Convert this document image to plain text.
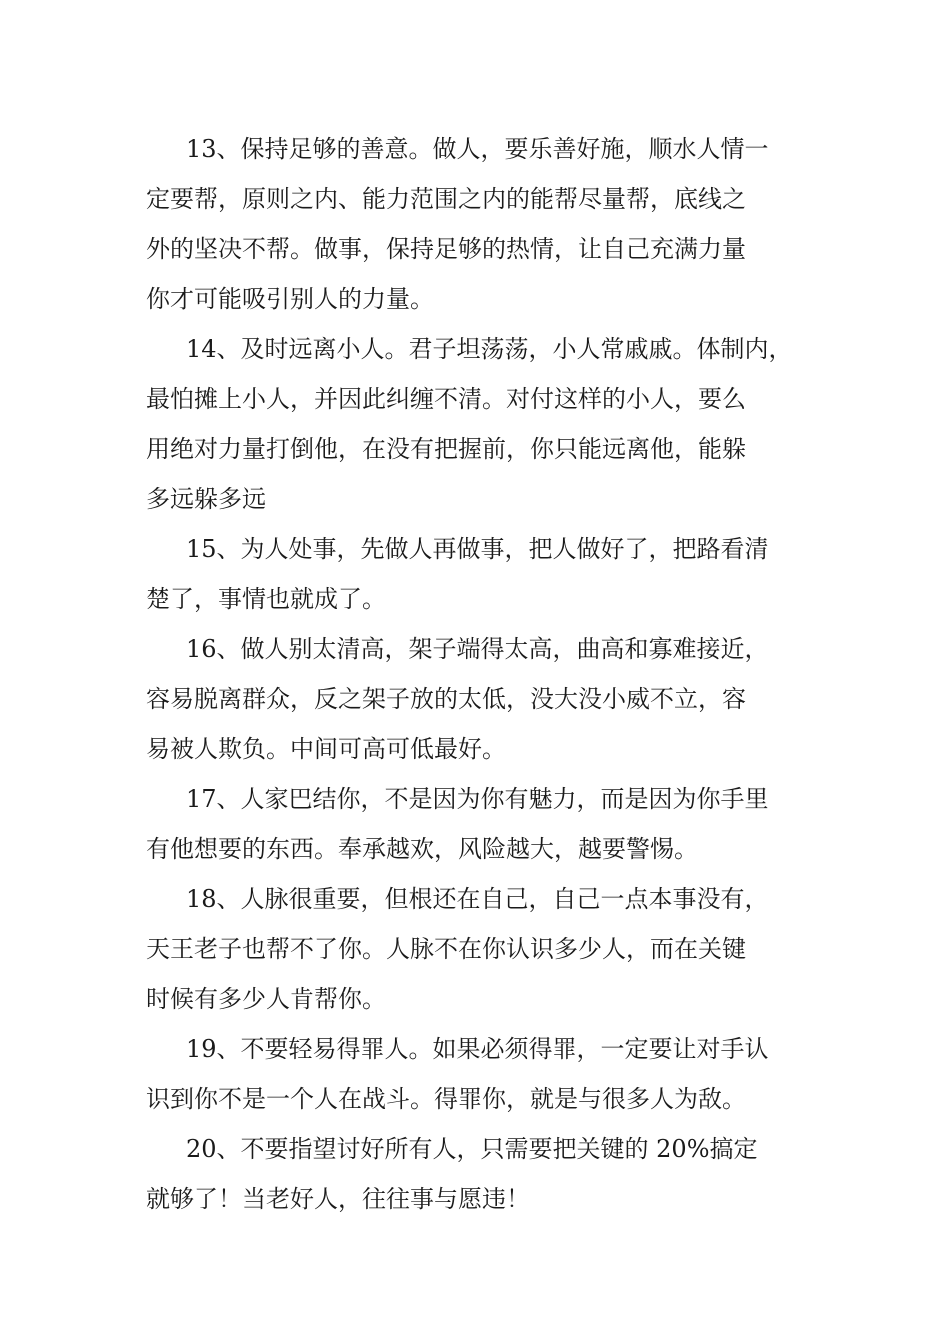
13、保持足够的善意。做人，要乐善好施，顺水人情一
定要帮，原则之内、能力范围之内的能帮尽量帮，底线之
外的坚决不帮。做事，保持足够的热情，让自己充满力量
你才可能吸引别人的力量。
14、及时远离小人。君子坦荡荡，小人常戚戚。体制内，
最怕摊上小人，并因此纠缠不清。对付这样的小人，要么
用绝对力量打倒他，在没有把握前，你只能远离他，能躲
多远躲多远
15、为人处事，先做人再做事，把人做好了，把路看清
楚了，事情也就成了。
16、做人别太清高，架子端得太高，曲高和寡难接近，
容易脱离群众，反之架子放的太低，没大没小威不立，容
易被人欺负。中间可高可低最好。
17、人家巴结你，不是因为你有魅力，而是因为你手里
有他想要的东西。奉承越欢，风险越大，越要警惕。
18、人脉很重要，但根还在自己，自己一点本事没有，
天王老子也帮不了你。人脉不在你认识多少人，而在关键
时候有多少人肯帮你。
19、不要轻易得罪人。如果必须得罪，一定要让对手认
识到你不是一个人在战斗。得罪你，就是与很多人为敌。
20、不要指望讨好所有人，只需要把关键的 20%搞定
就够了！当老好人，往往事与愿违！
